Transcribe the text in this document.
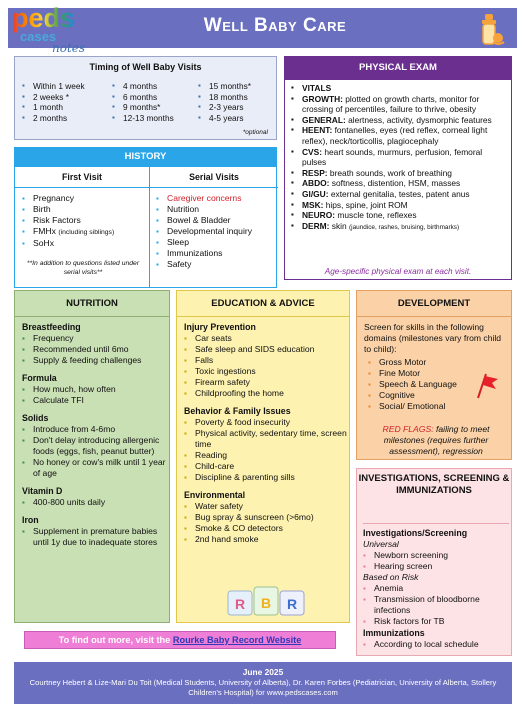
peds
cases
notes
Well Baby Care
Timing of Well Baby Visits
▪ Within 1 week
▪ 2 weeks *
▪ 1 month
▪ 2 months
▪ 4 months
▪ 6 months
▪ 9 months*
▪ 12-13 months
▪ 15 months*
▪ 18 months
▪ 2-3 years
▪ 4-5 years
*optional
HISTORY
First Visit	Serial Visits
▪ Pregnancy
▪ Birth
▪ Risk Factors
▪ FMHx (including siblings)
▪ SoHx
**In addition to questions listed under serial visits**
▪ Caregiver concerns
▪ Nutrition
▪ Bowel & Bladder
▪ Developmental inquiry
▪ Sleep
▪ Immunizations
▪ Safety
PHYSICAL EXAM
▪ VITALS
▪ GROWTH: plotted on growth charts, monitor for crossing of percentiles, failure to thrive, obesity
▪ GENERAL: alertness, activity, dysmorphic features
▪ HEENT: fontanelles, eyes (red reflex, corneal light reflex), neck/torticollis, plagiocephaly
▪ CVS: heart sounds, murmurs, perfusion, femoral pulses
▪ RESP: breath sounds, work of breathing
▪ ABDO: softness, distention, HSM, masses
▪ GI/GU: external genitalia, testes, patent anus
▪ MSK: hips, spine, joint ROM
▪ NEURO: muscle tone, reflexes
▪ DERM: skin (jaundice, rashes, bruising, birthmarks)
Age-specific physical exam at each visit.
NUTRITION
Breastfeeding
▪ Frequency
▪ Recommended until 6mo
▪ Supply & feeding challenges
Formula
▪ How much, how often
▪ Calculate TFI
Solids
▪ Introduce from 4-6mo
▪ Don't delay introducing allergenic foods (eggs, fish, peanut butter)
▪ No honey or cow's milk until 1 year of age
Vitamin D
▪ 400-800 units daily
Iron
▪ Supplement in premature babies until 1y due to inadequate stores
EDUCATION & ADVICE
Injury Prevention
▪ Car seats
▪ Safe sleep and SIDS education
▪ Falls
▪ Toxic ingestions
▪ Firearm safety
▪ Childproofing the home
Behavior & Family Issues
▪ Poverty & food insecurity
▪ Physical activity, sedentary time, screen time
▪ Reading
▪ Child-care
▪ Discipline & parenting sills
Environmental
▪ Water safety
▪ Bug spray & sunscreen (>6mo)
▪ Smoke & CO detectors
▪ 2nd hand smoke
R B R
DEVELOPMENT
Screen for skills in the following domains (milestones vary from child to child):
▪ Gross Motor
▪ Fine Motor
▪ Speech & Language
▪ Cognitive
▪ Social/ Emotional
RED FLAGS: failing to meet milestones (requires further assessment), regression
INVESTIGATIONS, SCREENING & IMMUNIZATIONS
Investigations/Screening
Universal
▪ Newborn screening
▪ Hearing screen
Based on Risk
▪ Anemia
▪ Transmission of bloodborne infections
▪ Risk factors for TB
Immunizations
▪ According to local schedule
To find out more, visit the Rourke Baby Record Website
June 2025
Courtney Hebert & Lize-Mari Du Toit (Medical Students, University of Alberta), Dr. Karen Forbes (Pediatrician, University of Alberta, Stollery Children's Hospital) for www.pedscases.com
